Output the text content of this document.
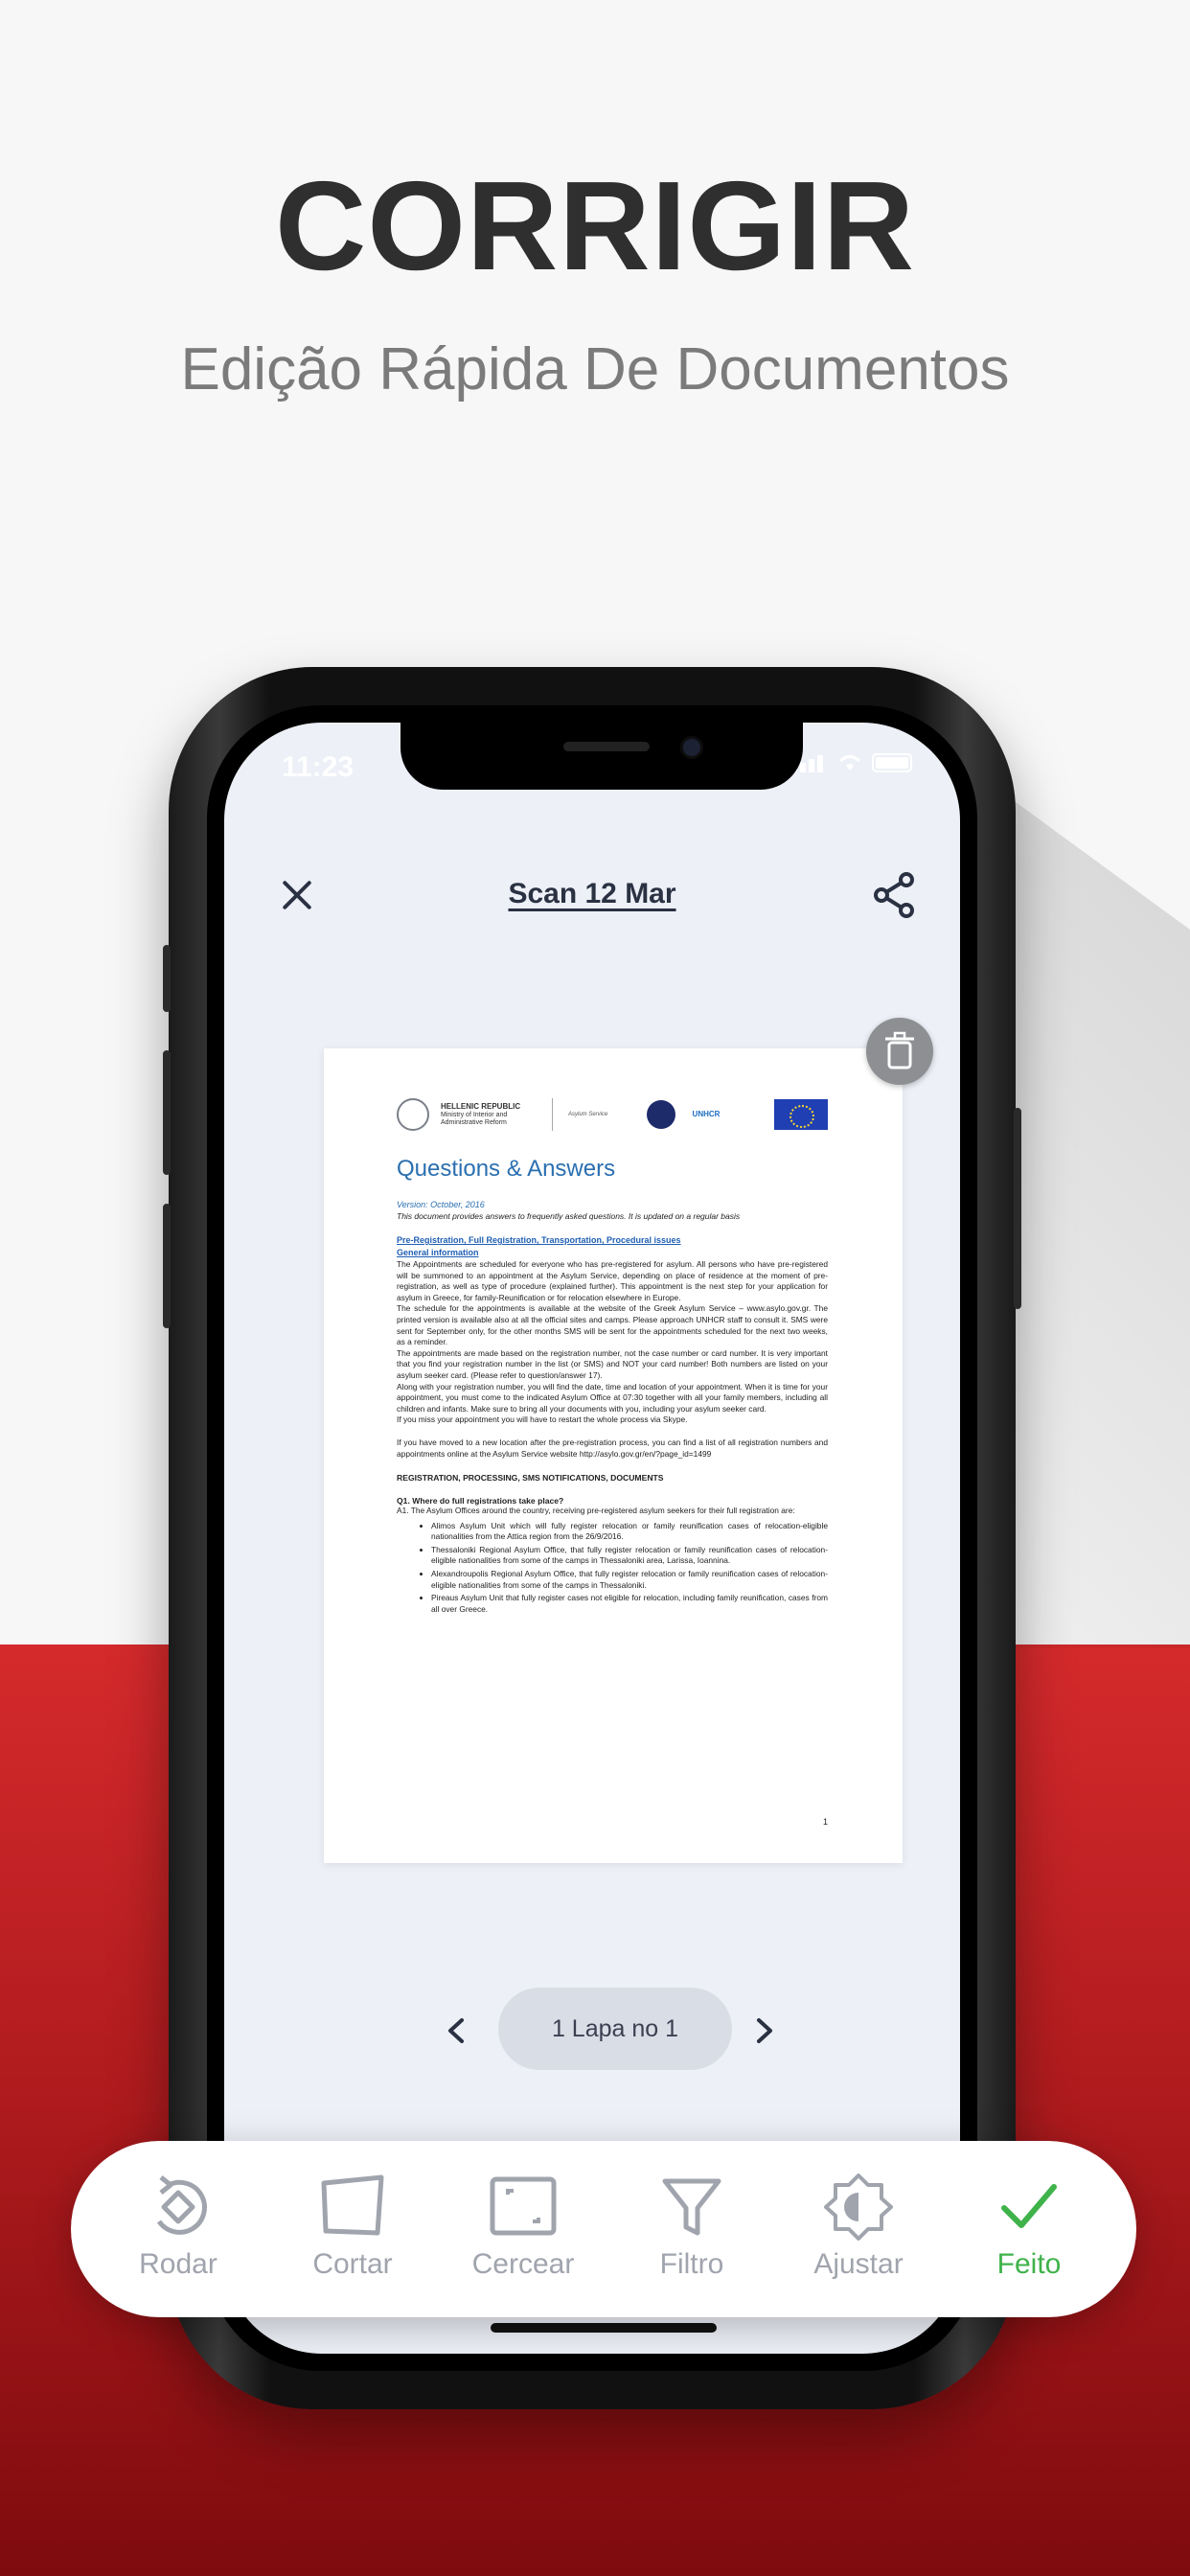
CORRIGIR
Edição Rápida De Documentos
11:23
Scan 12 Mar
HELLENIC REPUBLIC
Ministry of Interior and Administrative Reform
Asylum Service	UNHCR
Questions & Answers
Version: October, 2016
This document provides answers to frequently asked questions. It is updated on a regular basis
Pre-Registration, Full Registration, Transportation, Procedural issues
General information
The Appointments are scheduled for everyone who has pre-registered for asylum. All persons who have pre-registered will be summoned to an appointment at the Asylum Service, depending on place of residence at the moment of pre-registration, as well as type of procedure (explained further). This appointment is the next step for your application for asylum in Greece, for family-Reunification or for relocation elsewhere in Europe.
The schedule for the appointments is available at the website of the Greek Asylum Service – www.asylo.gov.gr. The printed version is available also at all the official sites and camps. Please approach UNHCR staff to consult it. SMS were sent for September only, for the other months SMS will be sent for the appointments scheduled for the next two weeks, as a reminder.
The appointments are made based on the registration number, not the case number or card number. It is very important that you find your registration number in the list (or SMS) and NOT your card number! Both numbers are listed on your asylum seeker card. (Please refer to question/answer 17).
Along with your registration number, you will find the date, time and location of your appointment. When it is time for your appointment, you must come to the indicated Asylum Office at 07:30 together with all your family members, including all children and infants. Make sure to bring all your documents with you, including your asylum seeker card.
If you miss your appointment you will have to restart the whole process via Skype.
If you have moved to a new location after the pre-registration process, you can find a list of all registration numbers and appointments online at the Asylum Service website http://asylo.gov.gr/en/?page_id=1499
REGISTRATION, PROCESSING, SMS NOTIFICATIONS, DOCUMENTS
Q1. Where do full registrations take place?
A1. The Asylum Offices around the country, receiving pre-registered asylum seekers for their full registration are:
• Alimos Asylum Unit which will fully register relocation or family reunification cases of relocation-eligible nationalities from the Attica region from the 26/9/2016.
• Thessaloniki Regional Asylum Office, that fully register relocation or family reunification cases of relocation-eligible nationalities from some of the camps in Thessaloniki area, Larissa, Ioannina.
• Alexandroupolis Regional Asylum Office, that fully register relocation or family reunification cases of relocation-eligible nationalities from some of the camps in Thessaloniki.
• Pireaus Asylum Unit that fully register cases not eligible for relocation, including family reunification, cases from all over Greece.
1
1 Lapa no 1
Rodar	Cortar	Cercear	Filtro	Ajustar	Feito
